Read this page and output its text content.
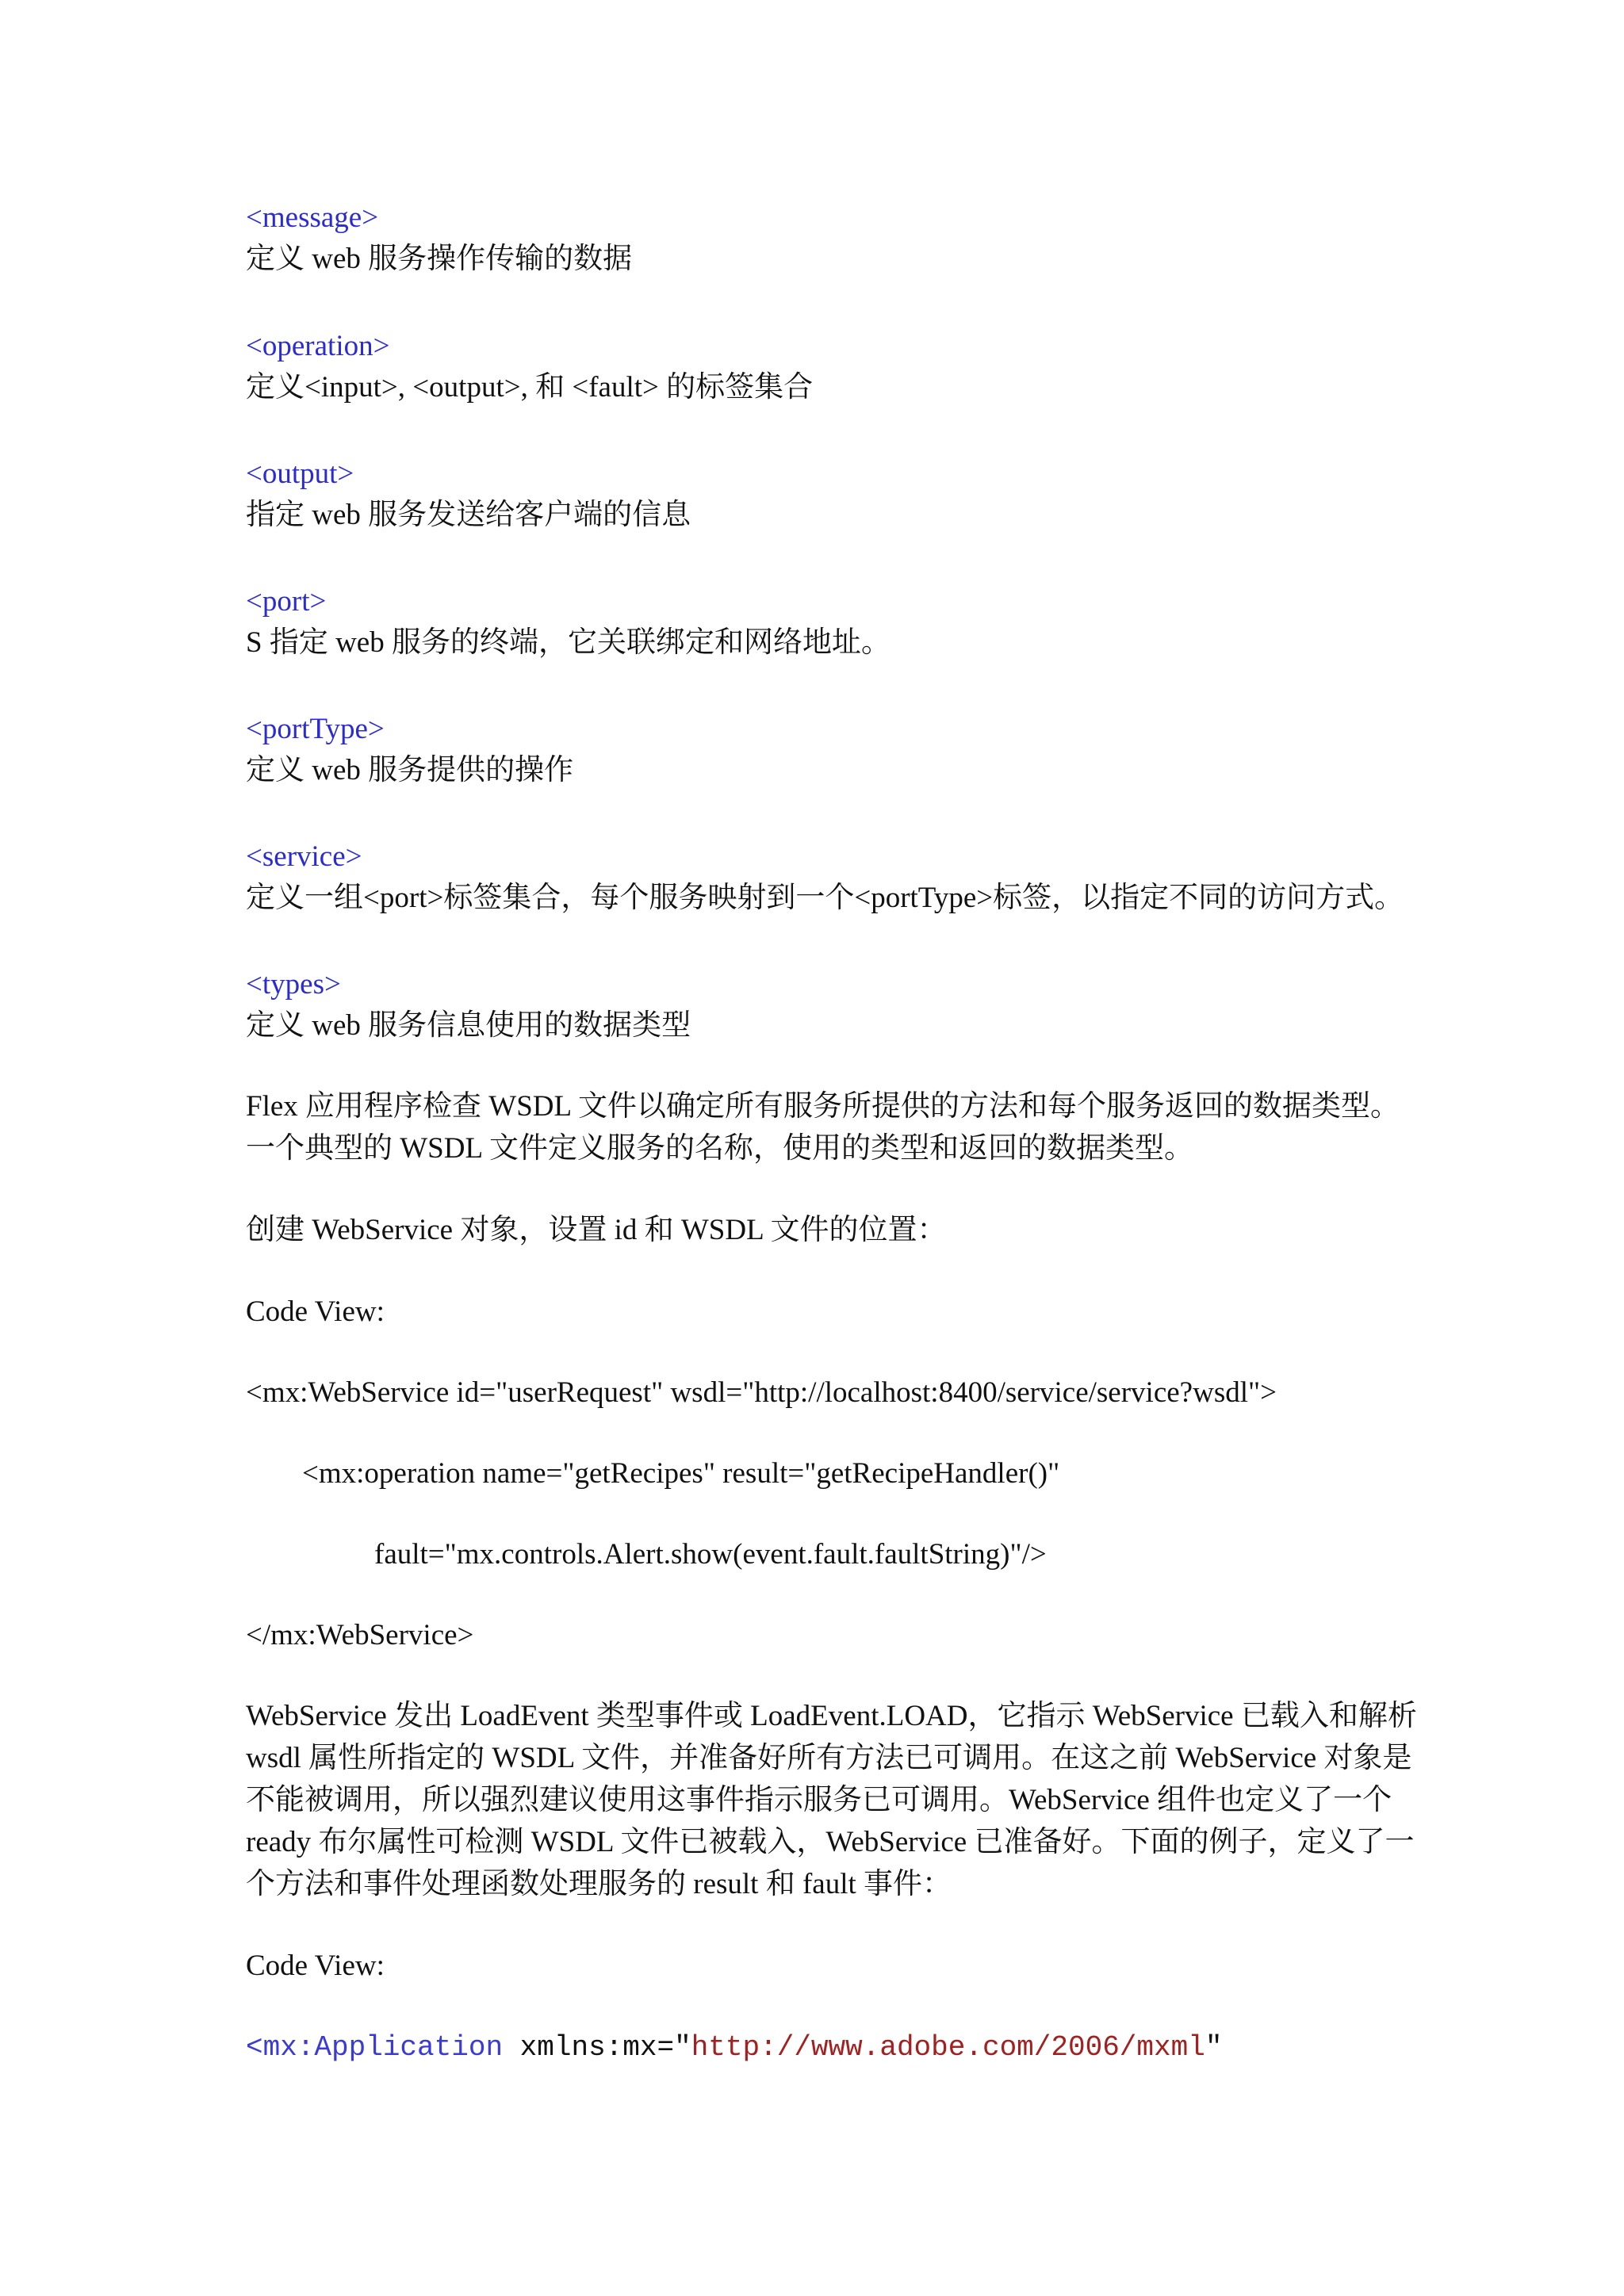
<message>

定义 web 服务操作传输的数据

<operation>

定义<input>, <output>, 和 <fault> 的标签集合

<output>

指定 web 服务发送给客户端的信息

<port>

S 指定 web 服务的终端，它关联绑定和网络地址。

<portType>

定义 web 服务提供的操作

<service>

定义一组<port>标签集合，每个服务映射到一个<portType>标签，以指定不同的访问方式。

<types>

定义 web 服务信息使用的数据类型

Flex 应用程序检查 WSDL 文件以确定所有服务所提供的方法和每个服务返回的数据类型。

一个典型的 WSDL 文件定义服务的名称，使用的类型和返回的数据类型。

创建 WebService 对象，设置 id 和 WSDL 文件的位置：

Code View:

<mx:WebService id="userRequest" wsdl="http://localhost:8400/service/service?wsdl">

<mx:operation name="getRecipes" result="getRecipeHandler()"

fault="mx.controls.Alert.show(event.fault.faultString)"/>

</mx:WebService>

WebService 发出 LoadEvent 类型事件或 LoadEvent.LOAD，它指示 WebService 已载入和解析

wsdl 属性所指定的 WSDL 文件，并准备好所有方法已可调用。在这之前 WebService 对象是

不能被调用，所以强烈建议使用这事件指示服务已可调用。WebService 组件也定义了一个

ready 布尔属性可检测 WSDL 文件已被载入，WebService 已准备好。下面的例子，定义了一

个方法和事件处理函数处理服务的 result 和 fault 事件：

Code View:

<mx:Application xmlns:mx="http://www.adobe.com/2006/mxml"
